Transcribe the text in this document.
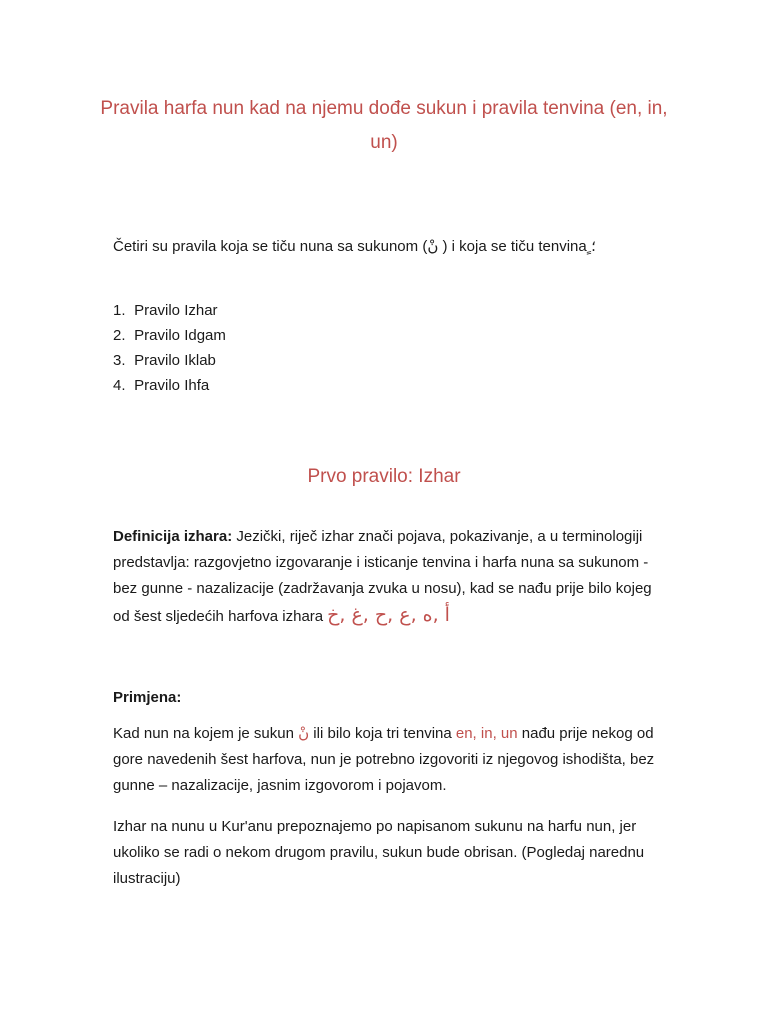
Pravila harfa nun kad na njemu dođe sukun i pravila tenvina (en, in, un)

Četiri su pravila koja se tiču nuna sa sukunom (نْ ) i koja se tiču tenvina ٍ؛

1. Pravilo Izhar
2. Pravilo Idgam
3. Pravilo Iklab
4. Pravilo Ihfa
Prvo pravilo: Izhar

Definicija izhara: Jezički, riječ izhar znači pojava, pokazivanje, a u terminologiji predstavlja: razgovjetno izgovaranje i isticanje tenvina i harfa nuna sa sukunom - bez gunne - nazalizacije (zadržavanja zvuka u nosu), kad se nađu prije bilo kojeg od šest sljedećih harfova izhara أ ,ه ,ع ,ح ,غ ,خ

Primjena:

Kad nun na kojem je sukun نْ ili bilo koja tri tenvina en, in, un nađu prije nekog od gore navedenih šest harfova, nun je potrebno izgovoriti iz njegovog ishodišta, bez gunne – nazalizacije, jasnim izgovorom i pojavom.

Izhar na nunu u Kur'anu prepoznajemo po napisanom sukunu na harfu nun, jer ukoliko se radi o nekom drugom pravilu, sukun bude obrisan. (Pogledaj narednu ilustraciju)
